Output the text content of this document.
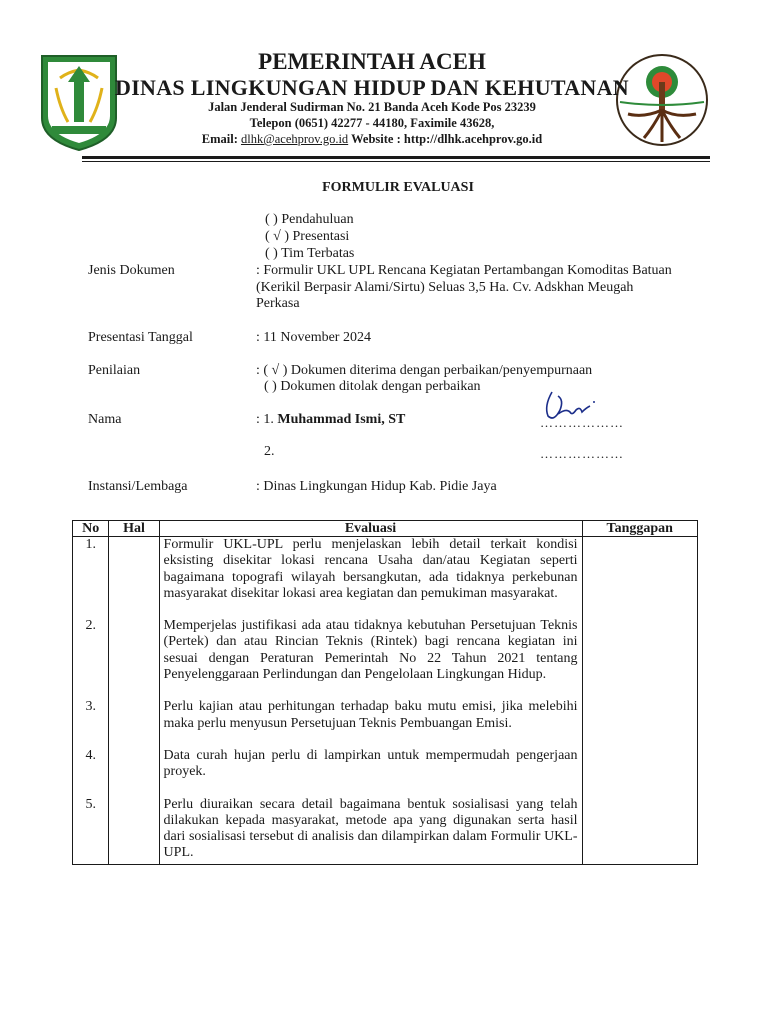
PEMERINTAH ACEH
DINAS LINGKUNGAN HIDUP DAN KEHUTANAN
Jalan Jenderal Sudirman No. 21 Banda Aceh Kode Pos 23239
Telepon (0651) 42277 - 44180, Faximile 43628,
Email: dlhk@acehprov.go.id Website : http://dlhk.acehprov.go.id
FORMULIR EVALUASI
( ) Pendahuluan
( √ ) Presentasi
( ) Tim Terbatas
Jenis Dokumen	: Formulir UKL UPL Rencana Kegiatan Pertambangan Komoditas Batuan (Kerikil Berpasir Alami/Sirtu) Seluas 3,5 Ha. Cv. Adskhan Meugah Perkasa
Presentasi Tanggal	: 11 November 2024
Penilaian	: ( √ ) Dokumen diterima dengan perbaikan/penyempurnaan
( ) Dokumen ditolak dengan perbaikan
Nama	: 1. Muhammad Ismi, ST	………………
2.	………………
Instansi/Lembaga	: Dinas Lingkungan Hidup Kab. Pidie Jaya
No	Hal	Evaluasi	Tanggapan
1.		Formulir UKL-UPL perlu menjelaskan lebih detail terkait kondisi eksisting disekitar lokasi rencana Usaha dan/atau Kegiatan seperti bagaimana topografi wilayah bersangkutan, ada tidaknya perkebunan masyarakat disekitar lokasi area kegiatan dan pemukiman masyarakat.	
2.		Memperjelas justifikasi ada atau tidaknya kebutuhan Persetujuan Teknis (Pertek) dan atau Rincian Teknis (Rintek) bagi rencana kegiatan ini sesuai dengan Peraturan Pemerintah No 22 Tahun 2021 tentang Penyelenggaraan Perlindungan dan Pengelolaan Lingkungan Hidup.	
3.		Perlu kajian atau perhitungan terhadap baku mutu emisi, jika melebihi maka perlu menyusun Persetujuan Teknis Pembuangan Emisi.	
4.		Data curah hujan perlu di lampirkan untuk mempermudah pengerjaan proyek.	
5.		Perlu diuraikan secara detail bagaimana bentuk sosialisasi yang telah dilakukan kepada masyarakat, metode apa yang digunakan serta hasil dari sosialisasi tersebut di analisis dan dilampirkan dalam Formulir UKL-UPL.	
